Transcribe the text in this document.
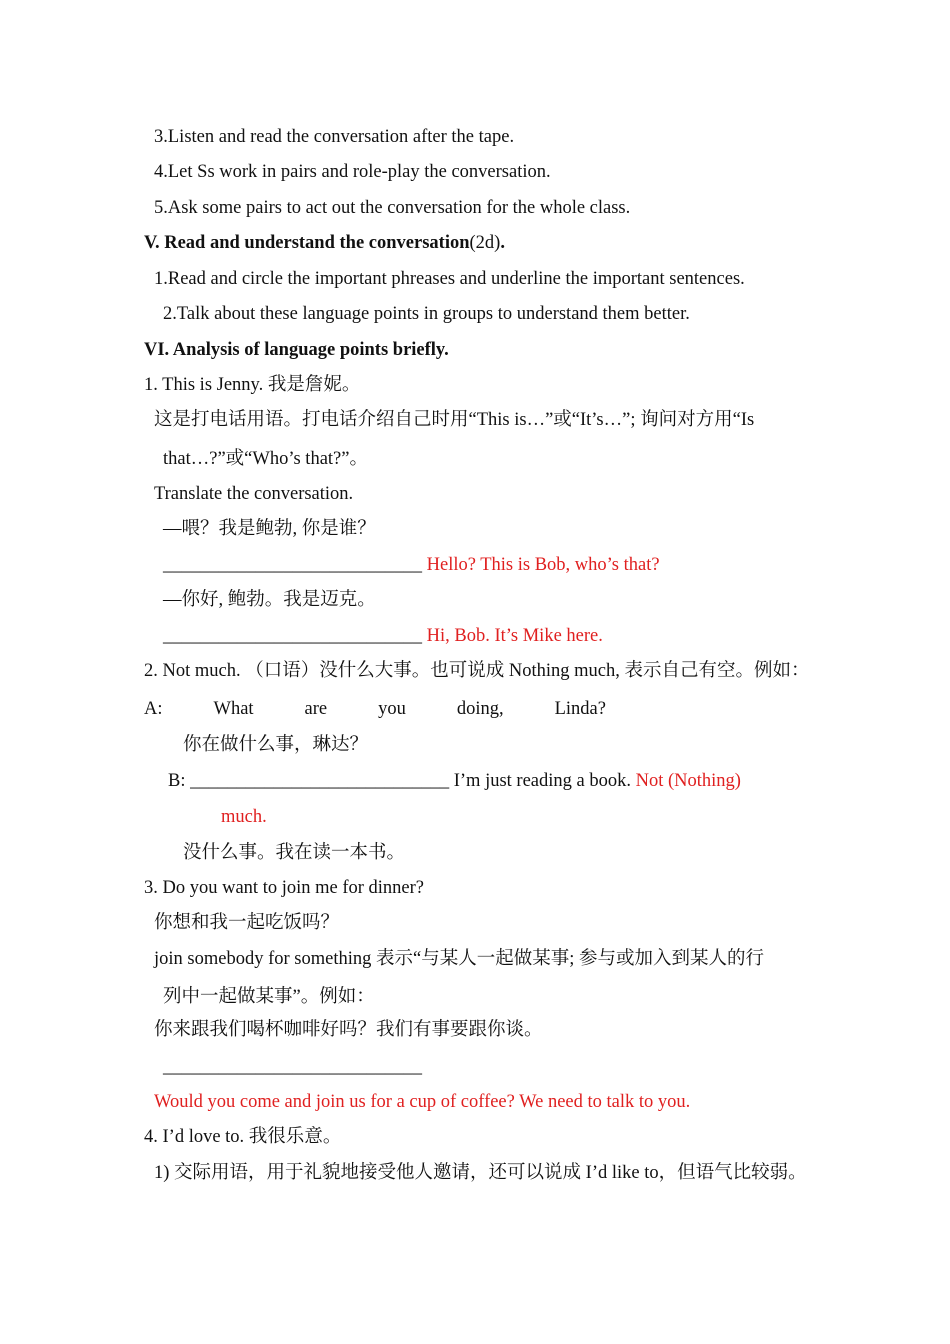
3.Listen and read the conversation after the tape.
4.Let Ss work in pairs and role-play the conversation.
5.Ask some pairs to act out the conversation for the whole class.
V. Read and understand the conversation(2d).
1.Read and circle the important phreases and underline the important sentences.
2.Talk about these language points in groups to understand them better.
VI. Analysis of language points briefly.
1. This is Jenny. 我是詹妮。
这是打电话用语。打电话介绍自己时用“This is…”或“It’s…”; 询问对方用“Is
that…?”或“Who’s that?”。
Translate the conversation.
—喂？我是鲍勃, 你是谁？
____________________________ Hello? This is Bob, who’s that?
—你好, 鲍勃。我是迈克。
____________________________ Hi, Bob. It’s Mike here.
2. Not much. （口语）没什么大事。也可说成 Nothing much, 表示自己有空。例如：
A:	What	are	you	doing,	Linda?
你在做什么事，琳达？
B: ____________________________ I’m just reading a book. Not (Nothing)
much.
没什么事。我在读一本书。
3. Do you want to join me for dinner?
你想和我一起吃饭吗？
join somebody for something 表示“与某人一起做某事; 参与或加入到某人的行
列中一起做某事”。例如：
你来跟我们喝杯咖啡好吗？我们有事要跟你谈。
____________________________
Would you come and join us for a cup of coffee? We need to talk to you.
4. I’d love to. 我很乐意。
1) 交际用语，用于礼貌地接受他人邀请，还可以说成 I’d like to，但语气比较弱。
